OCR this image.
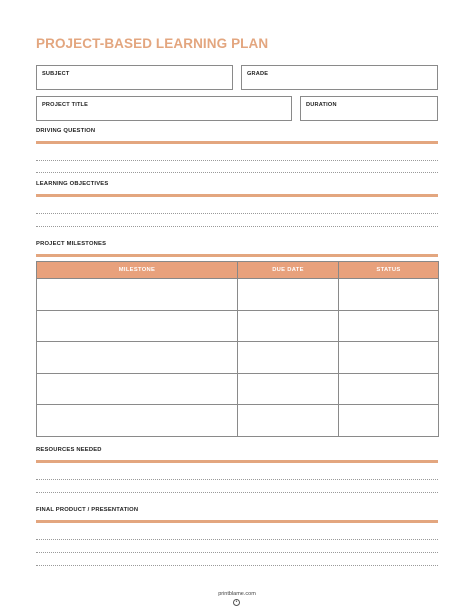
PROJECT-BASED LEARNING PLAN
SUBJECT	GRADE
PROJECT TITLE	DURATION
DRIVING QUESTION
LEARNING OBJECTIVES
PROJECT MILESTONES
MILESTONE	DUE DATE	STATUS

RESOURCES NEEDED
FINAL PRODUCT / PRESENTATION
printblame.com
•
